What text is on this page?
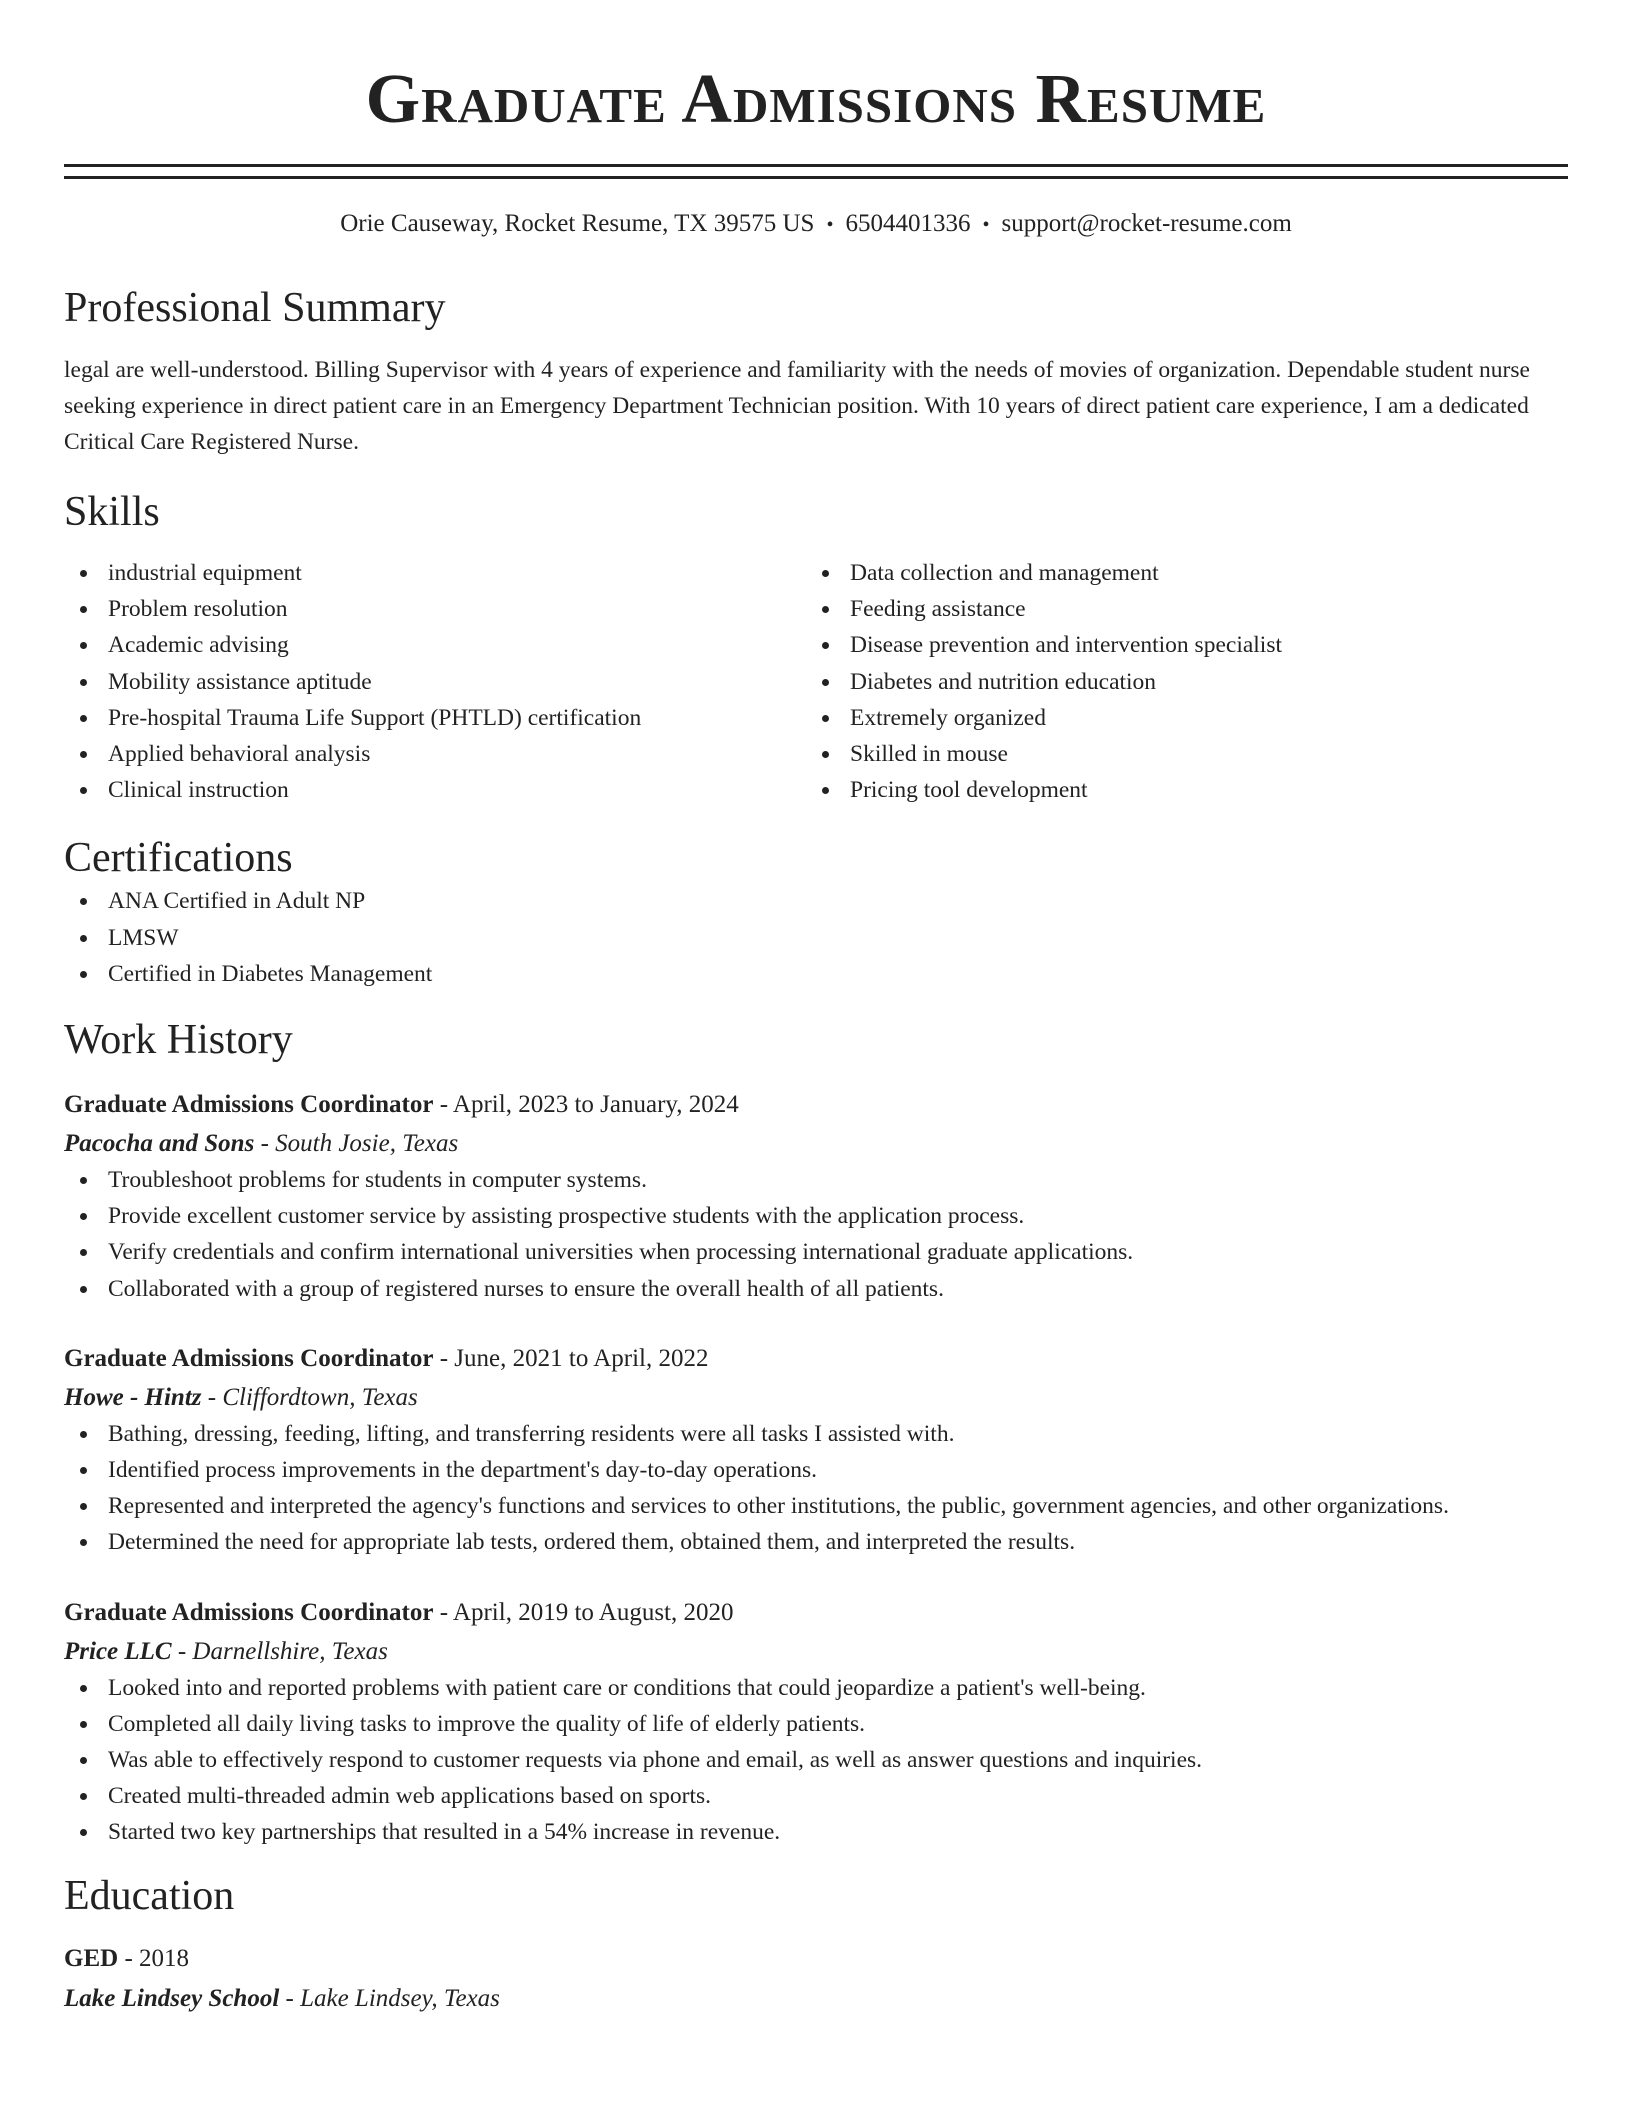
Graduate Admissions Resume
Orie Causeway, Rocket Resume, TX 39575 US • 6504401336 • support@rocket-resume.com
Professional Summary
legal are well-understood. Billing Supervisor with 4 years of experience and familiarity with the needs of movies of organization. Dependable student nurse seeking experience in direct patient care in an Emergency Department Technician position. With 10 years of direct patient care experience, I am a dedicated Critical Care Registered Nurse.
Skills
industrial equipment
Problem resolution
Academic advising
Mobility assistance aptitude
Pre-hospital Trauma Life Support (PHTLD) certification
Applied behavioral analysis
Clinical instruction
Data collection and management
Feeding assistance
Disease prevention and intervention specialist
Diabetes and nutrition education
Extremely organized
Skilled in mouse
Pricing tool development
Certifications
ANA Certified in Adult NP
LMSW
Certified in Diabetes Management
Work History
Graduate Admissions Coordinator - April, 2023 to January, 2024
Pacocha and Sons - South Josie, Texas
Troubleshoot problems for students in computer systems.
Provide excellent customer service by assisting prospective students with the application process.
Verify credentials and confirm international universities when processing international graduate applications.
Collaborated with a group of registered nurses to ensure the overall health of all patients.
Graduate Admissions Coordinator - June, 2021 to April, 2022
Howe - Hintz - Cliffordtown, Texas
Bathing, dressing, feeding, lifting, and transferring residents were all tasks I assisted with.
Identified process improvements in the department's day-to-day operations.
Represented and interpreted the agency's functions and services to other institutions, the public, government agencies, and other organizations.
Determined the need for appropriate lab tests, ordered them, obtained them, and interpreted the results.
Graduate Admissions Coordinator - April, 2019 to August, 2020
Price LLC - Darnellshire, Texas
Looked into and reported problems with patient care or conditions that could jeopardize a patient's well-being.
Completed all daily living tasks to improve the quality of life of elderly patients.
Was able to effectively respond to customer requests via phone and email, as well as answer questions and inquiries.
Created multi-threaded admin web applications based on sports.
Started two key partnerships that resulted in a 54% increase in revenue.
Education
GED - 2018
Lake Lindsey School - Lake Lindsey, Texas
